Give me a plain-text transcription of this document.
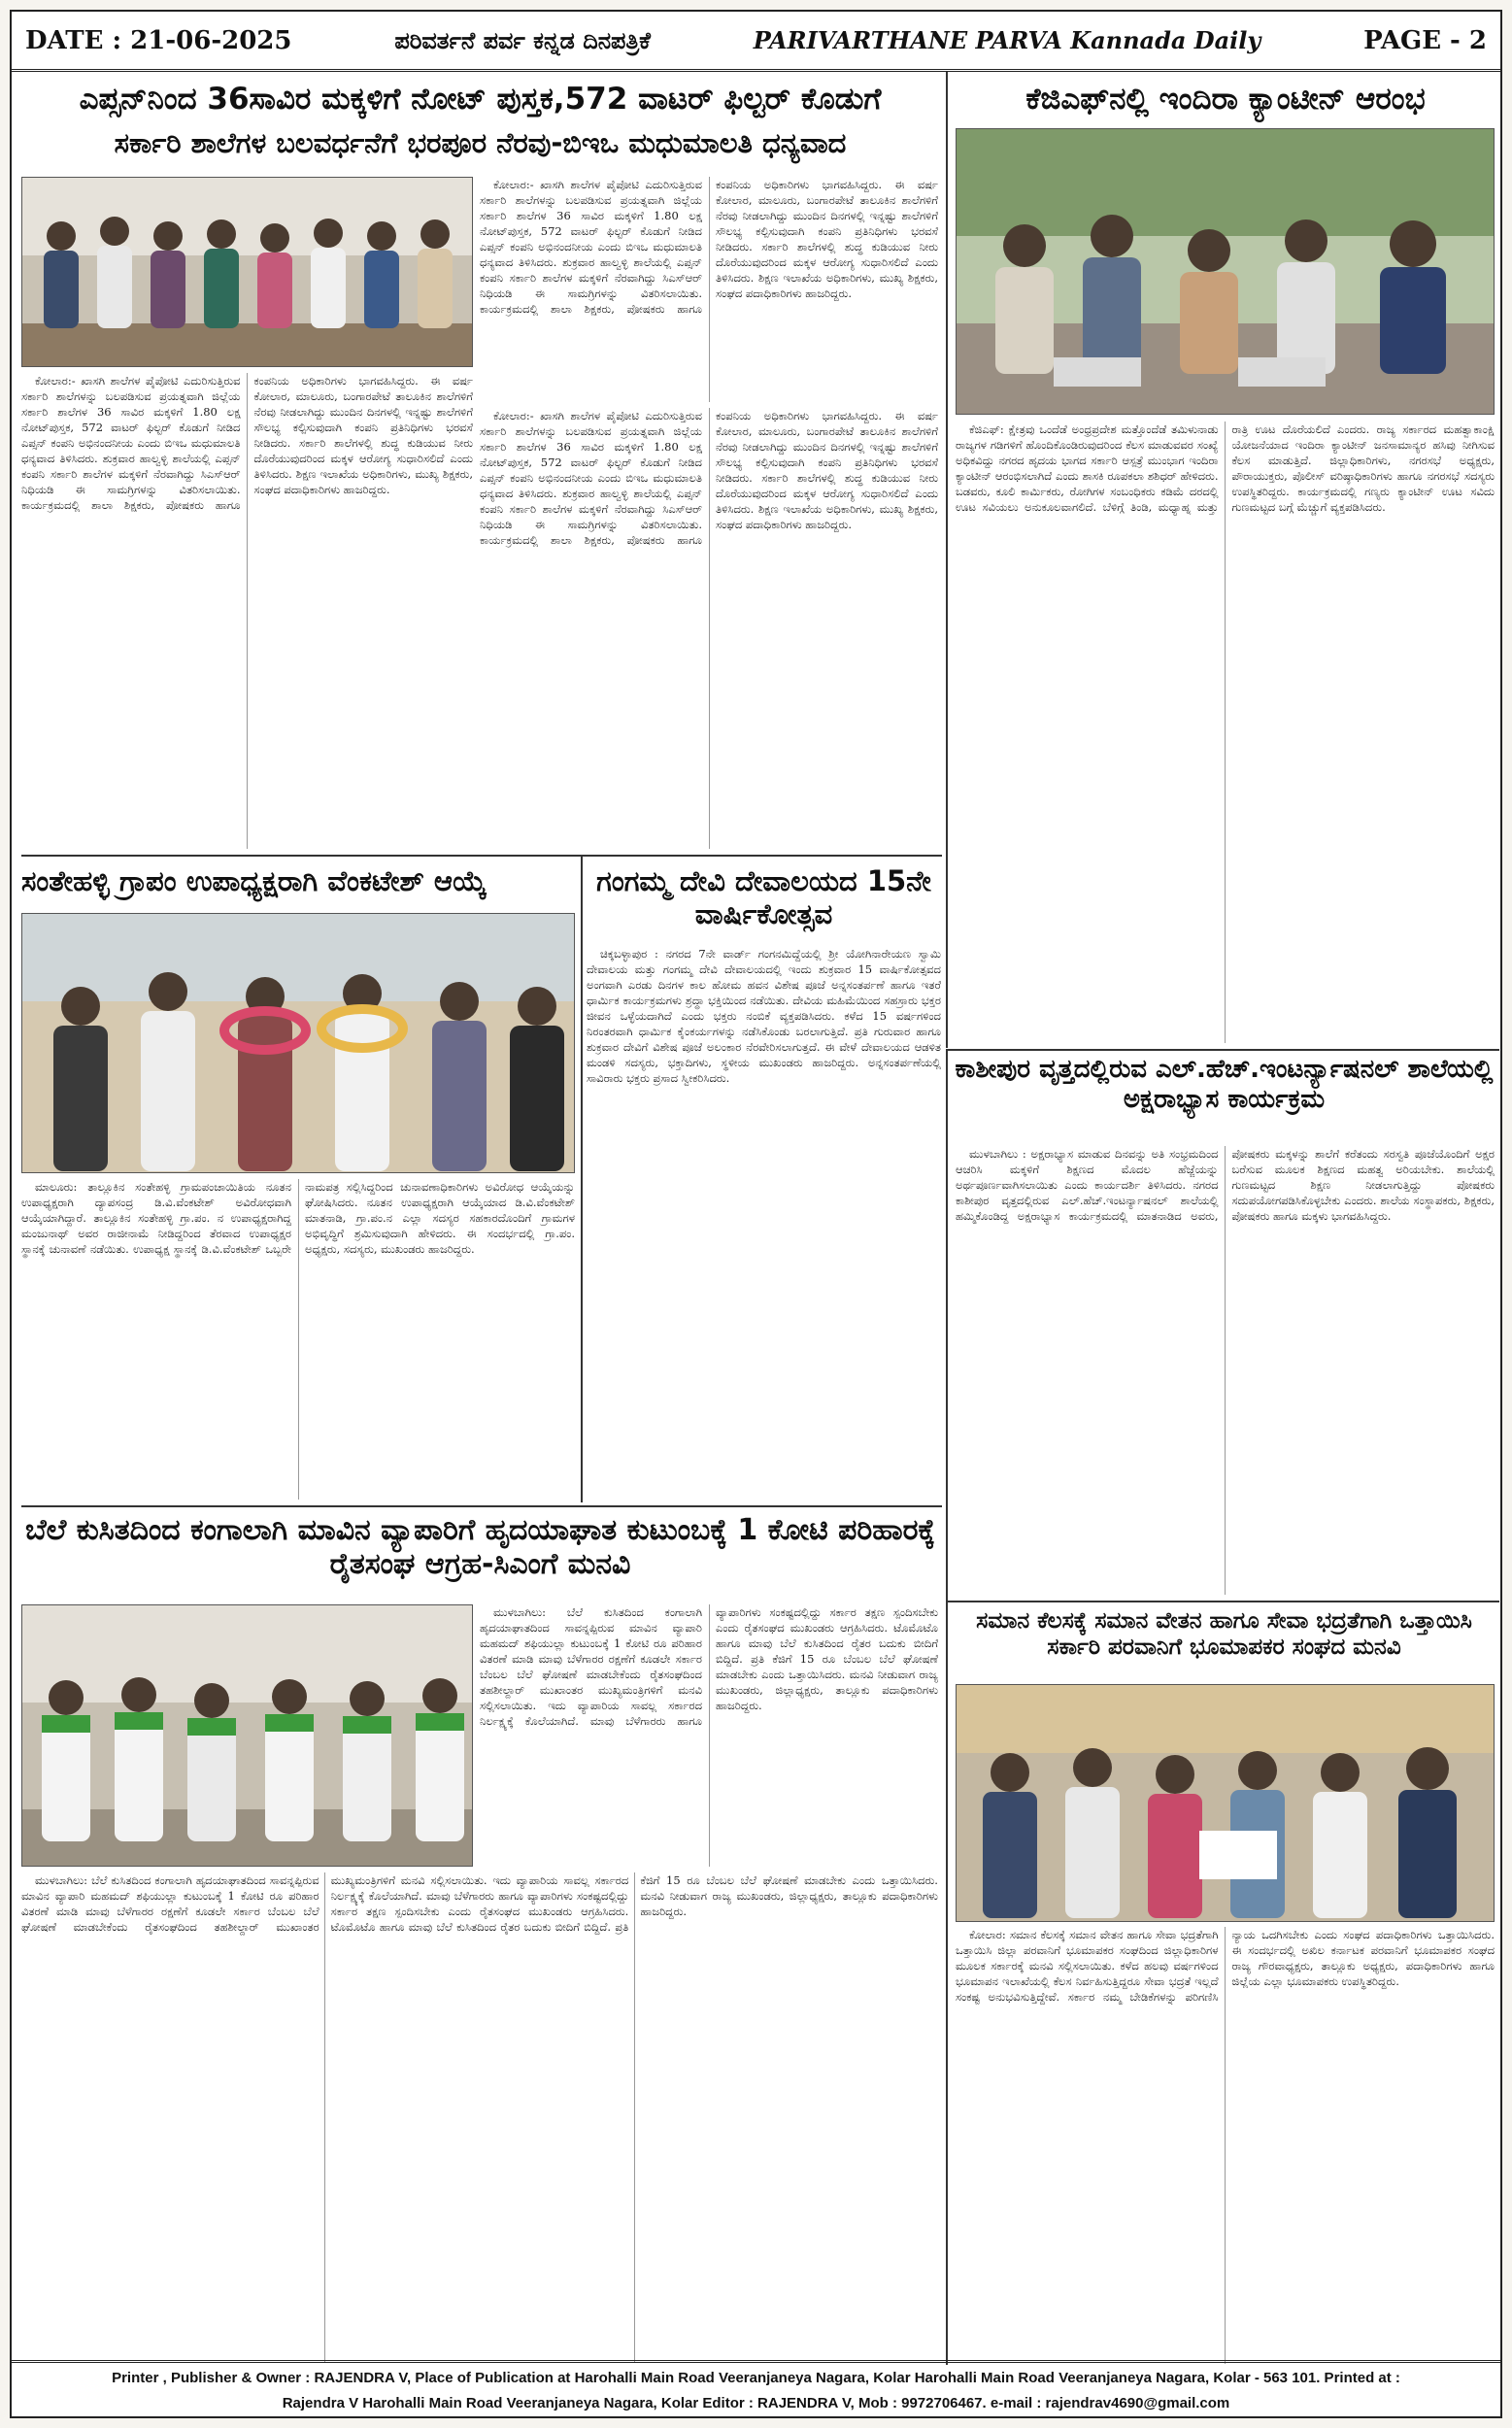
DATE : 21-06-2025	ಪರಿವರ್ತನೆ ಪರ್ವ ಕನ್ನಡ ದಿನಪತ್ರಿಕೆ	PARIVARTHANE PARVA Kannada Daily	PAGE - 2
ಎಪ್ಸನ್‌ನಿಂದ 36ಸಾವಿರ ಮಕ್ಕಳಿಗೆ ನೋಟ್ ಪುಸ್ತಕ,572 ವಾಟರ್ ಫಿಲ್ಟರ್ ಕೊಡುಗೆ
ಸರ್ಕಾರಿ ಶಾಲೆಗಳ ಬಲವರ್ಧನೆಗೆ ಭರಪೂರ ನೆರವು-ಬಿಇಒ ಮಧುಮಾಲತಿ ಧನ್ಯವಾದ

ಕೋಲಾರ:- ಖಾಸಗಿ ಶಾಲೆಗಳ ಪೈಪೋಟಿ ಎದುರಿಸುತ್ತಿರುವ ಸರ್ಕಾರಿ ಶಾಲೆಗಳನ್ನು ಬಲಪಡಿಸುವ ಪ್ರಯತ್ನವಾಗಿ ಜಿಲ್ಲೆಯ ಸರ್ಕಾರಿ ಶಾಲೆಗಳ 36 ಸಾವಿರ ಮಕ್ಕಳಿಗೆ 1.80 ಲಕ್ಷ ನೋಟ್‌ಪುಸ್ತಕ, 572 ವಾಟರ್ ಫಿಲ್ಟರ್ ಕೊಡುಗೆ ನೀಡಿದ ಎಪ್ಸನ್ ಕಂಪನಿ ಅಭಿನಂದನೀಯ ಎಂದು ಬಿಇಒ ಮಧುಮಾಲತಿ ಧನ್ಯವಾದ ತಿಳಿಸಿದರು. ಶುಕ್ರವಾರ ಹಾಲ್ವಳ್ಳಿ ಶಾಲೆಯಲ್ಲಿ ಎಪ್ಸನ್ ಕಂಪನಿ ಸರ್ಕಾರಿ ಶಾಲೆಗಳ ಮಕ್ಕಳಿಗೆ ನೆರವಾಗಿದ್ದು ಸಿಎಸ್‌ಆರ್ ನಿಧಿಯಡಿ ಈ ಸಾಮಗ್ರಿಗಳನ್ನು ವಿತರಿಸಲಾಯಿತು. ಕಾರ್ಯಕ್ರಮದಲ್ಲಿ ಶಾಲಾ ಶಿಕ್ಷಕರು, ಪೋಷಕರು ಹಾಗೂ ಕಂಪನಿಯ ಅಧಿಕಾರಿಗಳು ಭಾಗವಹಿಸಿದ್ದರು. ಈ ವರ್ಷ ಕೋಲಾರ, ಮಾಲೂರು, ಬಂಗಾರಪೇಟೆ ತಾಲೂಕಿನ ಶಾಲೆಗಳಿಗೆ ನೆರವು ನೀಡಲಾಗಿದ್ದು ಮುಂದಿನ ದಿನಗಳಲ್ಲಿ ಇನ್ನಷ್ಟು ಶಾಲೆಗಳಿಗೆ ಸೌಲಭ್ಯ ಕಲ್ಪಿಸುವುದಾಗಿ ಕಂಪನಿ ಪ್ರತಿನಿಧಿಗಳು ಭರವಸೆ ನೀಡಿದರು. ಸರ್ಕಾರಿ ಶಾಲೆಗಳಲ್ಲಿ ಶುದ್ಧ ಕುಡಿಯುವ ನೀರು ದೊರೆಯುವುದರಿಂದ ಮಕ್ಕಳ ಆರೋಗ್ಯ ಸುಧಾರಿಸಲಿದೆ ಎಂದು ತಿಳಿಸಿದರು. ಶಿಕ್ಷಣ ಇಲಾಖೆಯ ಅಧಿಕಾರಿಗಳು, ಮುಖ್ಯ ಶಿಕ್ಷಕರು, ಸಂಘದ ಪದಾಧಿಕಾರಿಗಳು ಹಾಜರಿದ್ದರು.

ಕೋಲಾರ:- ಖಾಸಗಿ ಶಾಲೆಗಳ ಪೈಪೋಟಿ ಎದುರಿಸುತ್ತಿರುವ ಸರ್ಕಾರಿ ಶಾಲೆಗಳನ್ನು ಬಲಪಡಿಸುವ ಪ್ರಯತ್ನವಾಗಿ ಜಿಲ್ಲೆಯ ಸರ್ಕಾರಿ ಶಾಲೆಗಳ 36 ಸಾವಿರ ಮಕ್ಕಳಿಗೆ 1.80 ಲಕ್ಷ ನೋಟ್‌ಪುಸ್ತಕ, 572 ವಾಟರ್ ಫಿಲ್ಟರ್ ಕೊಡುಗೆ ನೀಡಿದ ಎಪ್ಸನ್ ಕಂಪನಿ ಅಭಿನಂದನೀಯ ಎಂದು ಬಿಇಒ ಮಧುಮಾಲತಿ ಧನ್ಯವಾದ ತಿಳಿಸಿದರು. ಶುಕ್ರವಾರ ಹಾಲ್ವಳ್ಳಿ ಶಾಲೆಯಲ್ಲಿ ಎಪ್ಸನ್ ಕಂಪನಿ ಸರ್ಕಾರಿ ಶಾಲೆಗಳ ಮಕ್ಕಳಿಗೆ ನೆರವಾಗಿದ್ದು ಸಿಎಸ್‌ಆರ್ ನಿಧಿಯಡಿ ಈ ಸಾಮಗ್ರಿಗಳನ್ನು ವಿತರಿಸಲಾಯಿತು. ಕಾರ್ಯಕ್ರಮದಲ್ಲಿ ಶಾಲಾ ಶಿಕ್ಷಕರು, ಪೋಷಕರು ಹಾಗೂ ಕಂಪನಿಯ ಅಧಿಕಾರಿಗಳು ಭಾಗವಹಿಸಿದ್ದರು. ಈ ವರ್ಷ ಕೋಲಾರ, ಮಾಲೂರು, ಬಂಗಾರಪೇಟೆ ತಾಲೂಕಿನ ಶಾಲೆಗಳಿಗೆ ನೆರವು ನೀಡಲಾಗಿದ್ದು ಮುಂದಿನ ದಿನಗಳಲ್ಲಿ ಇನ್ನಷ್ಟು ಶಾಲೆಗಳಿಗೆ ಸೌಲಭ್ಯ ಕಲ್ಪಿಸುವುದಾಗಿ ಕಂಪನಿ ಪ್ರತಿನಿಧಿಗಳು ಭರವಸೆ ನೀಡಿದರು. ಸರ್ಕಾರಿ ಶಾಲೆಗಳಲ್ಲಿ ಶುದ್ಧ ಕುಡಿಯುವ ನೀರು ದೊರೆಯುವುದರಿಂದ ಮಕ್ಕಳ ಆರೋಗ್ಯ ಸುಧಾರಿಸಲಿದೆ ಎಂದು ತಿಳಿಸಿದರು. ಶಿಕ್ಷಣ ಇಲಾಖೆಯ ಅಧಿಕಾರಿಗಳು, ಮುಖ್ಯ ಶಿಕ್ಷಕರು, ಸಂಘದ ಪದಾಧಿಕಾರಿಗಳು ಹಾಜರಿದ್ದರು.

ಕೋಲಾರ:- ಖಾಸಗಿ ಶಾಲೆಗಳ ಪೈಪೋಟಿ ಎದುರಿಸುತ್ತಿರುವ ಸರ್ಕಾರಿ ಶಾಲೆಗಳನ್ನು ಬಲಪಡಿಸುವ ಪ್ರಯತ್ನವಾಗಿ ಜಿಲ್ಲೆಯ ಸರ್ಕಾರಿ ಶಾಲೆಗಳ 36 ಸಾವಿರ ಮಕ್ಕಳಿಗೆ 1.80 ಲಕ್ಷ ನೋಟ್‌ಪುಸ್ತಕ, 572 ವಾಟರ್ ಫಿಲ್ಟರ್ ಕೊಡುಗೆ ನೀಡಿದ ಎಪ್ಸನ್ ಕಂಪನಿ ಅಭಿನಂದನೀಯ ಎಂದು ಬಿಇಒ ಮಧುಮಾಲತಿ ಧನ್ಯವಾದ ತಿಳಿಸಿದರು. ಶುಕ್ರವಾರ ಹಾಲ್ವಳ್ಳಿ ಶಾಲೆಯಲ್ಲಿ ಎಪ್ಸನ್ ಕಂಪನಿ ಸರ್ಕಾರಿ ಶಾಲೆಗಳ ಮಕ್ಕಳಿಗೆ ನೆರವಾಗಿದ್ದು ಸಿಎಸ್‌ಆರ್ ನಿಧಿಯಡಿ ಈ ಸಾಮಗ್ರಿಗಳನ್ನು ವಿತರಿಸಲಾಯಿತು. ಕಾರ್ಯಕ್ರಮದಲ್ಲಿ ಶಾಲಾ ಶಿಕ್ಷಕರು, ಪೋಷಕರು ಹಾಗೂ ಕಂಪನಿಯ ಅಧಿಕಾರಿಗಳು ಭಾಗವಹಿಸಿದ್ದರು. ಈ ವರ್ಷ ಕೋಲಾರ, ಮಾಲೂರು, ಬಂಗಾರಪೇಟೆ ತಾಲೂಕಿನ ಶಾಲೆಗಳಿಗೆ ನೆರವು ನೀಡಲಾಗಿದ್ದು ಮುಂದಿನ ದಿನಗಳಲ್ಲಿ ಇನ್ನಷ್ಟು ಶಾಲೆಗಳಿಗೆ ಸೌಲಭ್ಯ ಕಲ್ಪಿಸುವುದಾಗಿ ಕಂಪನಿ ಪ್ರತಿನಿಧಿಗಳು ಭರವಸೆ ನೀಡಿದರು. ಸರ್ಕಾರಿ ಶಾಲೆಗಳಲ್ಲಿ ಶುದ್ಧ ಕುಡಿಯುವ ನೀರು ದೊರೆಯುವುದರಿಂದ ಮಕ್ಕಳ ಆರೋಗ್ಯ ಸುಧಾರಿಸಲಿದೆ ಎಂದು ತಿಳಿಸಿದರು. ಶಿಕ್ಷಣ ಇಲಾಖೆಯ ಅಧಿಕಾರಿಗಳು, ಮುಖ್ಯ ಶಿಕ್ಷಕರು, ಸಂಘದ ಪದಾಧಿಕಾರಿಗಳು ಹಾಜರಿದ್ದರು.

ಕೆಜಿಎಫ್‌ನಲ್ಲಿ ಇಂದಿರಾ ಕ್ಯಾಂಟೀನ್ ಆರಂಭ

ಕೆಜಿಎಫ್: ಕ್ಷೇತ್ರವು ಒಂದೆಡೆ ಅಂಧ್ರಪ್ರದೇಶ ಮತ್ತೊಂದೆಡೆ ತಮಿಳುನಾಡು ರಾಜ್ಯಗಳ ಗಡಿಗಳಿಗೆ ಹೊಂದಿಕೊಂಡಿರುವುದರಿಂದ ಕೆಲಸ ಮಾಡುವವರ ಸಂಖ್ಯೆ ಅಧಿಕವಿದ್ದು ನಗರದ ಹೃದಯ ಭಾಗದ ಸರ್ಕಾರಿ ಆಸ್ಪತ್ರೆ ಮುಂಭಾಗ ಇಂದಿರಾ ಕ್ಯಾಂಟೀನ್ ಆರಂಭಿಸಲಾಗಿದೆ ಎಂದು ಶಾಸಕಿ ರೂಪಕಲಾ ಶಶಿಧರ್ ಹೇಳಿದರು. ಬಡವರು, ಕೂಲಿ ಕಾರ್ಮಿಕರು, ರೋಗಿಗಳ ಸಂಬಂಧಿಕರು ಕಡಿಮೆ ದರದಲ್ಲಿ ಊಟ ಸವಿಯಲು ಅನುಕೂಲವಾಗಲಿದೆ. ಬೆಳಿಗ್ಗೆ ತಿಂಡಿ, ಮಧ್ಯಾಹ್ನ ಮತ್ತು ರಾತ್ರಿ ಊಟ ದೊರೆಯಲಿದೆ ಎಂದರು. ರಾಜ್ಯ ಸರ್ಕಾರದ ಮಹತ್ವಾಕಾಂಕ್ಷಿ ಯೋಜನೆಯಾದ ಇಂದಿರಾ ಕ್ಯಾಂಟೀನ್ ಜನಸಾಮಾನ್ಯರ ಹಸಿವು ನೀಗಿಸುವ ಕೆಲಸ ಮಾಡುತ್ತಿದೆ. ಜಿಲ್ಲಾಧಿಕಾರಿಗಳು, ನಗರಸಭೆ ಅಧ್ಯಕ್ಷರು, ಪೌರಾಯುಕ್ತರು, ಪೊಲೀಸ್ ವರಿಷ್ಠಾಧಿಕಾರಿಗಳು ಹಾಗೂ ನಗರಸಭೆ ಸದಸ್ಯರು ಉಪಸ್ಥಿತರಿದ್ದರು. ಕಾರ್ಯಕ್ರಮದಲ್ಲಿ ಗಣ್ಯರು ಕ್ಯಾಂಟೀನ್ ಊಟ ಸವಿದು ಗುಣಮಟ್ಟದ ಬಗ್ಗೆ ಮೆಚ್ಚುಗೆ ವ್ಯಕ್ತಪಡಿಸಿದರು.

ಸಂತೇಹಳ್ಳಿ ಗ್ರಾಪಂ ಉಪಾಧ್ಯಕ್ಷರಾಗಿ ವೆಂಕಟೇಶ್ ಆಯ್ಕೆ

ಮಾಲೂರು: ತಾಲ್ಲೂಕಿನ ಸಂತೇಹಳ್ಳಿ ಗ್ರಾಮಪಂಚಾಯಿತಿಯ ನೂತನ ಉಪಾಧ್ಯಕ್ಷರಾಗಿ ದ್ಯಾಪಸಂದ್ರ ಡಿ.ವಿ.ವೆಂಕಟೇಶ್ ಅವಿರೋಧವಾಗಿ ಆಯ್ಕೆಯಾಗಿದ್ದಾರೆ. ತಾಲ್ಲೂಕಿನ ಸಂತೇಹಳ್ಳಿ ಗ್ರಾ.ಪಂ. ನ ಉಪಾಧ್ಯಕ್ಷರಾಗಿದ್ದ ಮಂಜುನಾಥ್ ಅವರ ರಾಜೀನಾಮೆ ನೀಡಿದ್ದರಿಂದ ತೆರವಾದ ಉಪಾಧ್ಯಕ್ಷರ ಸ್ಥಾನಕ್ಕೆ ಚುನಾವಣೆ ನಡೆಯಿತು. ಉಪಾಧ್ಯಕ್ಷ ಸ್ಥಾನಕ್ಕೆ ಡಿ.ವಿ.ವೆಂಕಟೇಶ್ ಒಬ್ಬರೇ ನಾಮಪತ್ರ ಸಲ್ಲಿಸಿದ್ದರಿಂದ ಚುನಾವಣಾಧಿಕಾರಿಗಳು ಅವಿರೋಧ ಆಯ್ಕೆಯನ್ನು ಘೋಷಿಸಿದರು. ನೂತನ ಉಪಾಧ್ಯಕ್ಷರಾಗಿ ಆಯ್ಕೆಯಾದ ಡಿ.ವಿ.ವೆಂಕಟೇಶ್ ಮಾತನಾಡಿ, ಗ್ರಾ.ಪಂ.ನ ಎಲ್ಲಾ ಸದಸ್ಯರ ಸಹಕಾರದೊಂದಿಗೆ ಗ್ರಾಮಗಳ ಅಭಿವೃದ್ಧಿಗೆ ಶ್ರಮಿಸುವುದಾಗಿ ಹೇಳಿದರು. ಈ ಸಂದರ್ಭದಲ್ಲಿ ಗ್ರಾ.ಪಂ. ಅಧ್ಯಕ್ಷರು, ಸದಸ್ಯರು, ಮುಖಂಡರು ಹಾಜರಿದ್ದರು.

ಗಂಗಮ್ಮ ದೇವಿ ದೇವಾಲಯದ 15ನೇ ವಾರ್ಷಿಕೋತ್ಸವ

ಚಿಕ್ಕಬಳ್ಳಾಪುರ : ನಗರದ 7ನೇ ವಾರ್ಡ್ ಗಂಗನಮಿದ್ದೆಯಲ್ಲಿ ಶ್ರೀ ಯೋಗಿನಾರೇಯಣ ಸ್ವಾಮಿ ದೇವಾಲಯ ಮತ್ತು ಗಂಗಮ್ಮ ದೇವಿ ದೇವಾಲಯದಲ್ಲಿ ಇಂದು ಶುಕ್ರವಾರ 15 ವಾರ್ಷಿಕೋತ್ಸವದ ಅಂಗವಾಗಿ ಎರಡು ದಿನಗಳ ಕಾಲ ಹೋಮ ಹವನ ವಿಶೇಷ ಪೂಜೆ ಅನ್ನಸಂತರ್ಪಣೆ ಹಾಗೂ ಇತರೆ ಧಾರ್ಮಿಕ ಕಾರ್ಯಕ್ರಮಗಳು ಶ್ರದ್ಧಾ ಭಕ್ತಿಯಿಂದ ನಡೆಯಿತು. ದೇವಿಯ ಮಹಿಮೆಯಿಂದ ಸಹಸ್ರಾರು ಭಕ್ತರ ಜೀವನ ಒಳ್ಳೆಯದಾಗಿದೆ ಎಂದು ಭಕ್ತರು ನಂಬಿಕೆ ವ್ಯಕ್ತಪಡಿಸಿದರು. ಕಳೆದ 15 ವರ್ಷಗಳಿಂದ ನಿರಂತರವಾಗಿ ಧಾರ್ಮಿಕ ಕೈಂಕರ್ಯಗಳನ್ನು ನಡೆಸಿಕೊಂಡು ಬರಲಾಗುತ್ತಿದೆ. ಪ್ರತಿ ಗುರುವಾರ ಹಾಗೂ ಶುಕ್ರವಾರ ದೇವಿಗೆ ವಿಶೇಷ ಪೂಜೆ ಅಲಂಕಾರ ನೆರವೇರಿಸಲಾಗುತ್ತದೆ. ಈ ವೇಳೆ ದೇವಾಲಯದ ಆಡಳಿತ ಮಂಡಳಿ ಸದಸ್ಯರು, ಭಕ್ತಾದಿಗಳು, ಸ್ಥಳೀಯ ಮುಖಂಡರು ಹಾಜರಿದ್ದರು. ಅನ್ನಸಂತರ್ಪಣೆಯಲ್ಲಿ ಸಾವಿರಾರು ಭಕ್ತರು ಪ್ರಸಾದ ಸ್ವೀಕರಿಸಿದರು.	ಕಾಶೀಪುರ ವೃತ್ತದಲ್ಲಿರುವ ಎಲ್.ಹೆಚ್.ಇಂಟರ್ನ್ಯಾಷನಲ್ ಶಾಲೆಯಲ್ಲಿ ಅಕ್ಷರಾಭ್ಯಾಸ ಕಾರ್ಯಕ್ರಮ

ಮುಳಬಾಗಿಲು : ಅಕ್ಷರಾಭ್ಯಾಸ ಮಾಡುವ ದಿನವನ್ನು ಅತಿ ಸಂಭ್ರಮದಿಂದ ಆಚರಿಸಿ ಮಕ್ಕಳಿಗೆ ಶಿಕ್ಷಣದ ಮೊದಲ ಹೆಜ್ಜೆಯನ್ನು ಅರ್ಥಪೂರ್ಣವಾಗಿಸಲಾಯಿತು ಎಂದು ಕಾರ್ಯದರ್ಶಿ ತಿಳಿಸಿದರು. ನಗರದ ಕಾಶೀಪುರ ವೃತ್ತದಲ್ಲಿರುವ ಎಲ್.ಹೆಚ್.ಇಂಟರ್ನ್ಯಾಷನಲ್ ಶಾಲೆಯಲ್ಲಿ ಹಮ್ಮಿಕೊಂಡಿದ್ದ ಅಕ್ಷರಾಭ್ಯಾಸ ಕಾರ್ಯಕ್ರಮದಲ್ಲಿ ಮಾತನಾಡಿದ ಅವರು, ಪೋಷಕರು ಮಕ್ಕಳನ್ನು ಶಾಲೆಗೆ ಕರೆತಂದು ಸರಸ್ವತಿ ಪೂಜೆಯೊಂದಿಗೆ ಅಕ್ಷರ ಬರೆಸುವ ಮೂಲಕ ಶಿಕ್ಷಣದ ಮಹತ್ವ ಅರಿಯಬೇಕು. ಶಾಲೆಯಲ್ಲಿ ಗುಣಮಟ್ಟದ ಶಿಕ್ಷಣ ನೀಡಲಾಗುತ್ತಿದ್ದು ಪೋಷಕರು ಸದುಪಯೋಗಪಡಿಸಿಕೊಳ್ಳಬೇಕು ಎಂದರು. ಶಾಲೆಯ ಸಂಸ್ಥಾಪಕರು, ಶಿಕ್ಷಕರು, ಪೋಷಕರು ಹಾಗೂ ಮಕ್ಕಳು ಭಾಗವಹಿಸಿದ್ದರು.

ಬೆಲೆ ಕುಸಿತದಿಂದ ಕಂಗಾಲಾಗಿ ಮಾವಿನ ವ್ಯಾಪಾರಿಗೆ ಹೃದಯಾಘಾತ ಕುಟುಂಬಕ್ಕೆ 1 ಕೋಟಿ ಪರಿಹಾರಕ್ಕೆ ರೈತಸಂಘ ಆಗ್ರಹ-ಸಿಎಂಗೆ ಮನವಿ

ಮುಳಬಾಗಿಲು: ಬೆಲೆ ಕುಸಿತದಿಂದ ಕಂಗಾಲಾಗಿ ಹೃದಯಾಘಾತದಿಂದ ಸಾವನ್ನಪ್ಪಿರುವ ಮಾವಿನ ವ್ಯಾಪಾರಿ ಮಹಮದ್ ಶಫಿಯುಲ್ಲಾ ಕುಟುಂಬಕ್ಕೆ 1 ಕೋಟಿ ರೂ ಪರಿಹಾರ ವಿತರಣೆ ಮಾಡಿ ಮಾವು ಬೆಳೆಗಾರರ ರಕ್ಷಣೆಗೆ ಕೂಡಲೇ ಸರ್ಕಾರ ಬೆಂಬಲ ಬೆಲೆ ಘೋಷಣೆ ಮಾಡಬೇಕೆಂದು ರೈತಸಂಘದಿಂದ ತಹಶೀಲ್ದಾರ್ ಮುಖಾಂತರ ಮುಖ್ಯಮಂತ್ರಿಗಳಿಗೆ ಮನವಿ ಸಲ್ಲಿಸಲಾಯಿತು. ಇದು ವ್ಯಾಪಾರಿಯ ಸಾವಲ್ಲ ಸರ್ಕಾರದ ನಿರ್ಲಕ್ಷ್ಯಕ್ಕೆ ಕೊಲೆಯಾಗಿದೆ. ಮಾವು ಬೆಳೆಗಾರರು ಹಾಗೂ ವ್ಯಾಪಾರಿಗಳು ಸಂಕಷ್ಟದಲ್ಲಿದ್ದು ಸರ್ಕಾರ ತಕ್ಷಣ ಸ್ಪಂದಿಸಬೇಕು ಎಂದು ರೈತಸಂಘದ ಮುಖಂಡರು ಆಗ್ರಹಿಸಿದರು. ಟೊಮೊಟೊ ಹಾಗೂ ಮಾವು ಬೆಲೆ ಕುಸಿತದಿಂದ ರೈತರ ಬದುಕು ಬೀದಿಗೆ ಬಿದ್ದಿದೆ. ಪ್ರತಿ ಕೆಜಿಗೆ 15 ರೂ ಬೆಂಬಲ ಬೆಲೆ ಘೋಷಣೆ ಮಾಡಬೇಕು ಎಂದು ಒತ್ತಾಯಿಸಿದರು. ಮನವಿ ನೀಡುವಾಗ ರಾಜ್ಯ ಮುಖಂಡರು, ಜಿಲ್ಲಾಧ್ಯಕ್ಷರು, ತಾಲ್ಲೂಕು ಪದಾಧಿಕಾರಿಗಳು ಹಾಜರಿದ್ದರು.

ಮುಳಬಾಗಿಲು: ಬೆಲೆ ಕುಸಿತದಿಂದ ಕಂಗಾಲಾಗಿ ಹೃದಯಾಘಾತದಿಂದ ಸಾವನ್ನಪ್ಪಿರುವ ಮಾವಿನ ವ್ಯಾಪಾರಿ ಮಹಮದ್ ಶಫಿಯುಲ್ಲಾ ಕುಟುಂಬಕ್ಕೆ 1 ಕೋಟಿ ರೂ ಪರಿಹಾರ ವಿತರಣೆ ಮಾಡಿ ಮಾವು ಬೆಳೆಗಾರರ ರಕ್ಷಣೆಗೆ ಕೂಡಲೇ ಸರ್ಕಾರ ಬೆಂಬಲ ಬೆಲೆ ಘೋಷಣೆ ಮಾಡಬೇಕೆಂದು ರೈತಸಂಘದಿಂದ ತಹಶೀಲ್ದಾರ್ ಮುಖಾಂತರ ಮುಖ್ಯಮಂತ್ರಿಗಳಿಗೆ ಮನವಿ ಸಲ್ಲಿಸಲಾಯಿತು. ಇದು ವ್ಯಾಪಾರಿಯ ಸಾವಲ್ಲ ಸರ್ಕಾರದ ನಿರ್ಲಕ್ಷ್ಯಕ್ಕೆ ಕೊಲೆಯಾಗಿದೆ. ಮಾವು ಬೆಳೆಗಾರರು ಹಾಗೂ ವ್ಯಾಪಾರಿಗಳು ಸಂಕಷ್ಟದಲ್ಲಿದ್ದು ಸರ್ಕಾರ ತಕ್ಷಣ ಸ್ಪಂದಿಸಬೇಕು ಎಂದು ರೈತಸಂಘದ ಮುಖಂಡರು ಆಗ್ರಹಿಸಿದರು. ಟೊಮೊಟೊ ಹಾಗೂ ಮಾವು ಬೆಲೆ ಕುಸಿತದಿಂದ ರೈತರ ಬದುಕು ಬೀದಿಗೆ ಬಿದ್ದಿದೆ. ಪ್ರತಿ ಕೆಜಿಗೆ 15 ರೂ ಬೆಂಬಲ ಬೆಲೆ ಘೋಷಣೆ ಮಾಡಬೇಕು ಎಂದು ಒತ್ತಾಯಿಸಿದರು. ಮನವಿ ನೀಡುವಾಗ ರಾಜ್ಯ ಮುಖಂಡರು, ಜಿಲ್ಲಾಧ್ಯಕ್ಷರು, ತಾಲ್ಲೂಕು ಪದಾಧಿಕಾರಿಗಳು ಹಾಜರಿದ್ದರು.

ಸಮಾನ ಕೆಲಸಕ್ಕೆ ಸಮಾನ ವೇತನ ಹಾಗೂ ಸೇವಾ ಭದ್ರತೆಗಾಗಿ ಒತ್ತಾಯಿಸಿ ಸರ್ಕಾರಿ ಪರವಾನಿಗೆ ಭೂಮಾಪಕರ ಸಂಘದ ಮನವಿ

ಕೋಲಾರ: ಸಮಾನ ಕೆಲಸಕ್ಕೆ ಸಮಾನ ವೇತನ ಹಾಗೂ ಸೇವಾ ಭದ್ರತೆಗಾಗಿ ಒತ್ತಾಯಿಸಿ ಜಿಲ್ಲಾ ಪರವಾನಿಗೆ ಭೂಮಾಪಕರ ಸಂಘದಿಂದ ಜಿಲ್ಲಾಧಿಕಾರಿಗಳ ಮೂಲಕ ಸರ್ಕಾರಕ್ಕೆ ಮನವಿ ಸಲ್ಲಿಸಲಾಯಿತು. ಕಳೆದ ಹಲವು ವರ್ಷಗಳಿಂದ ಭೂಮಾಪನ ಇಲಾಖೆಯಲ್ಲಿ ಕೆಲಸ ನಿರ್ವಹಿಸುತ್ತಿದ್ದರೂ ಸೇವಾ ಭದ್ರತೆ ಇಲ್ಲದೆ ಸಂಕಷ್ಟ ಅನುಭವಿಸುತ್ತಿದ್ದೇವೆ. ಸರ್ಕಾರ ನಮ್ಮ ಬೇಡಿಕೆಗಳನ್ನು ಪರಿಗಣಿಸಿ ನ್ಯಾಯ ಒದಗಿಸಬೇಕು ಎಂದು ಸಂಘದ ಪದಾಧಿಕಾರಿಗಳು ಒತ್ತಾಯಿಸಿದರು. ಈ ಸಂದರ್ಭದಲ್ಲಿ ಅಖಿಲ ಕರ್ನಾಟಕ ಪರವಾನಿಗೆ ಭೂಮಾಪಕರ ಸಂಘದ ರಾಜ್ಯ ಗೌರವಾಧ್ಯಕ್ಷರು, ತಾಲ್ಲೂಕು ಅಧ್ಯಕ್ಷರು, ಪದಾಧಿಕಾರಿಗಳು ಹಾಗೂ ಜಿಲ್ಲೆಯ ಎಲ್ಲಾ ಭೂಮಾಪಕರು ಉಪಸ್ಥಿತರಿದ್ದರು.

Printer , Publisher & Owner : RAJENDRA V, Place of Publication at Harohalli Main Road Veeranjaneya Nagara, Kolar Harohalli Main Road Veeranjaneya Nagara, Kolar - 563 101. Printed at :
Rajendra V Harohalli Main Road Veeranjaneya Nagara, Kolar Editor : RAJENDRA V, Mob : 9972706467. e-mail : rajendrav4690@gmail.com
